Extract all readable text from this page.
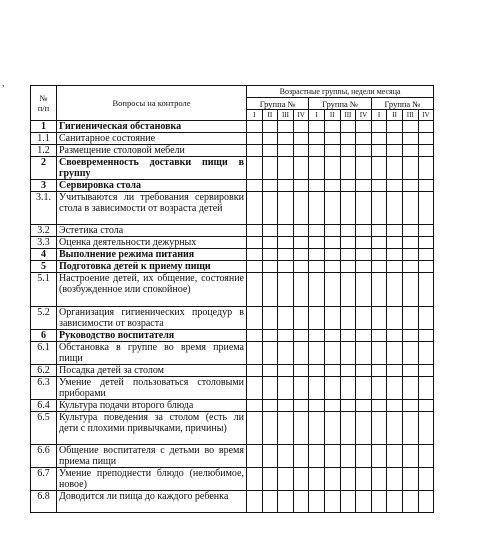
,
№
п/п	Вопросы на контроле	Возрастные группы, недели месяца											
		Группа №				Группа №				Группа №			
		I	II	III	IV	I	II	III	IV	I	II	III	IV
1	Гигиеническая обстановка												
1.1	Санитарное состояние												
1.2	Размещение столовой мебели												
2	Своевременность доставки пищи в группу												
3	Сервировка стола												
3.1.	Учитываются ли требования сервировки стола в зависимости от возраста детей												
3.2	Эстетика стола												
3.3	Оценка деятельности дежурных												
4	Выполнение режима питания												
5	Подготовка детей к приему пищи												
5.1	Настроение детей, их общение, состояние (возбужденное или спокойное)												
5.2	Организация гигиенических процедур в зависимости от возраста												
6	Руководство воспитателя												
6.1	Обстановка в группе во время приема пищи												
6.2	Посадка детей за столом												
6.3	Умение детей пользоваться столовыми приборами												
6.4	Культура подачи второго блюда												
6.5	Культура поведения за столом (есть ли дети с плохими привычками, причины)												
6.6	Общение воспитателя с детьми во время приема пищи												
6.7	Умение преподнести блюдо (нелюбимое, новое)												
6.8	Доводится ли пища до каждого ребенка												
